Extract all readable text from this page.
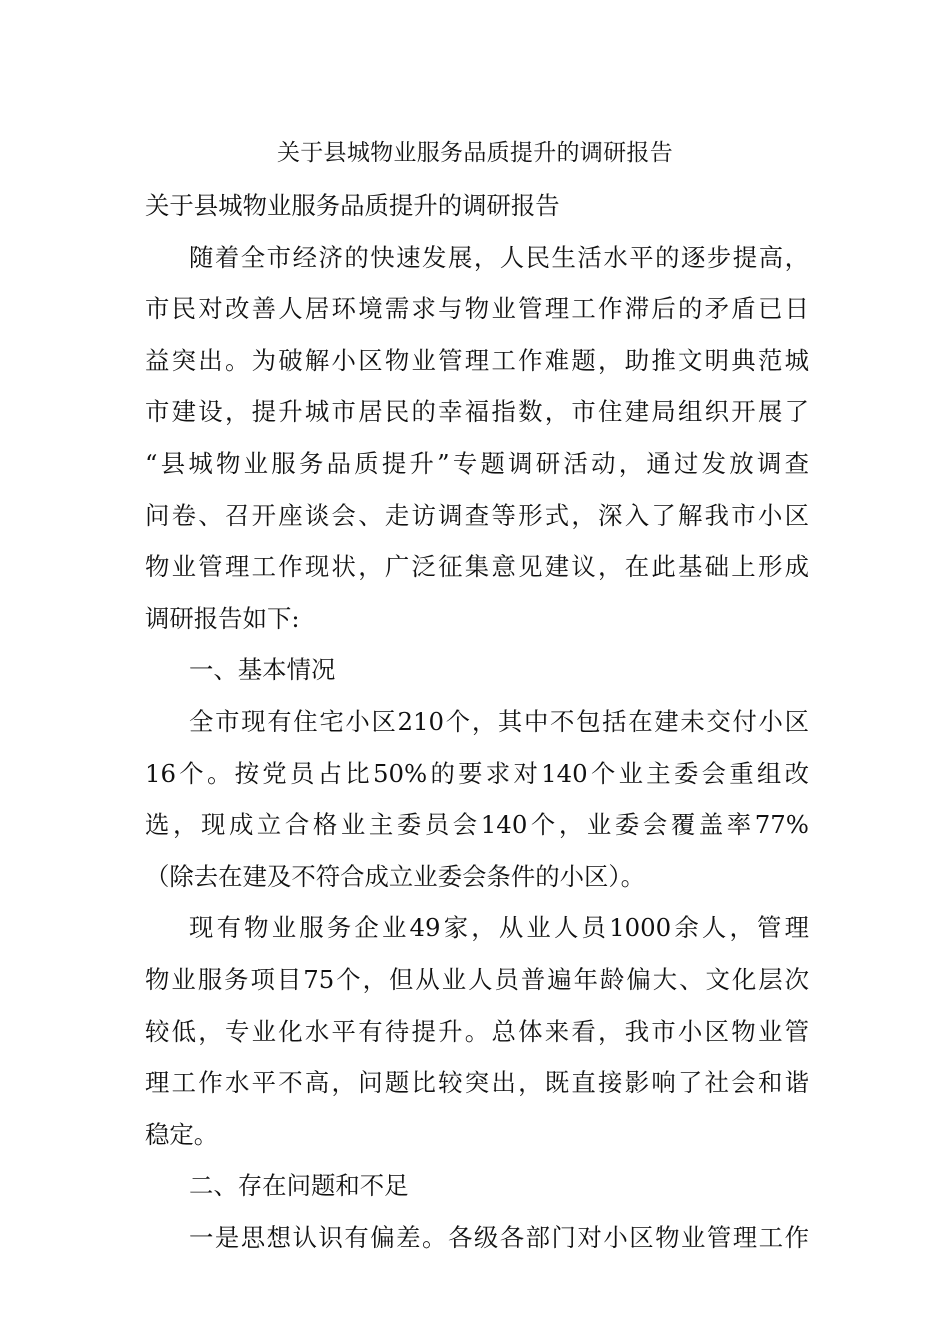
关于县城物业服务品质提升的调研报告
关于县城物业服务品质提升的调研报告
随着全市经济的快速发展，人民生活水平的逐步提高，
市民对改善人居环境需求与物业管理工作滞后的矛盾已日
益突出。为破解小区物业管理工作难题，助推文明典范城
市建设，提升城市居民的幸福指数，市住建局组织开展了
“县城物业服务品质提升”专题调研活动，通过发放调查
问卷、召开座谈会、走访调查等形式，深入了解我市小区
物业管理工作现状，广泛征集意见建议，在此基础上形成
调研报告如下:
一、基本情况
全市现有住宅小区210个，其中不包括在建未交付小区
16个。按党员占比50%的要求对140个业主委会重组改
选，现成立合格业主委员会140个，业委会覆盖率77%
（除去在建及不符合成立业委会条件的小区）。
现有物业服务企业49家，从业人员1000余人，管理
物业服务项目75个，但从业人员普遍年龄偏大、文化层次
较低，专业化水平有待提升。总体来看，我市小区物业管
理工作水平不高，问题比较突出，既直接影响了社会和谐
稳定。
二、存在问题和不足
一是思想认识有偏差。各级各部门对小区物业管理工作
